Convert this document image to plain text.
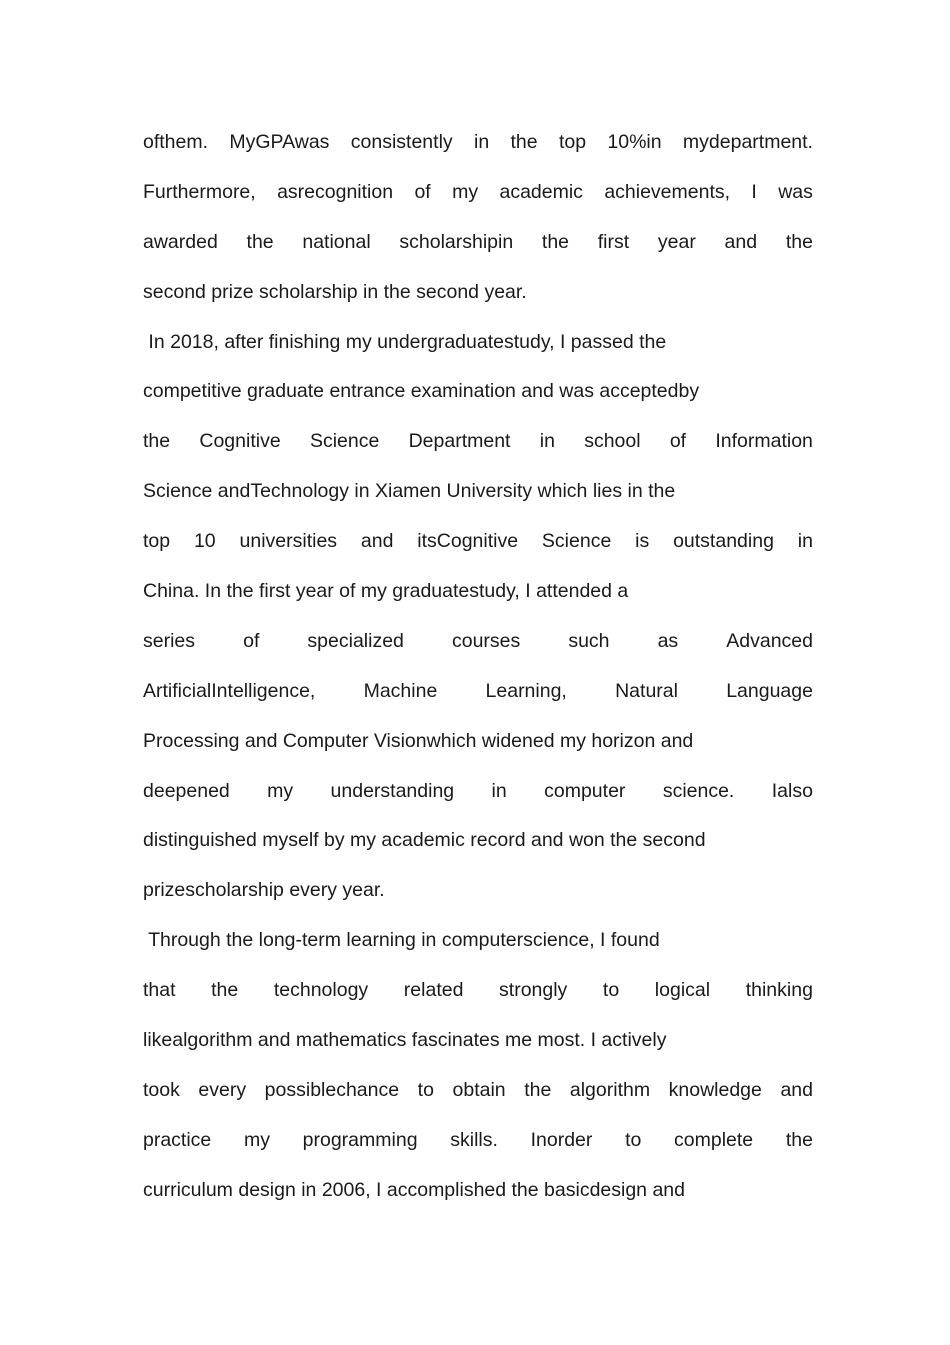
ofthem. MyGPAwas consistently in the top 10%in mydepartment.
Furthermore, asrecognition of my academic achievements, I was
awarded the national scholarshipin the first year and the
second prize scholarship in the second year.
In 2018, after finishing my undergraduatestudy, I passed the
competitive graduate entrance examination and was acceptedby
the Cognitive Science Department in school of Information
Science andTechnology in Xiamen University which lies in the
top 10 universities and itsCognitive Science is outstanding in
China. In the first year of my graduatestudy, I attended a
series of specialized courses such as Advanced
ArtificialIntelligence, Machine Learning, Natural Language
Processing and Computer Visionwhich widened my horizon and
deepened my understanding in computer science. Ialso
distinguished myself by my academic record and won the second
prizescholarship every year.
Through the long-term learning in computerscience, I found
that the technology related strongly to logical thinking
likealgorithm and mathematics fascinates me most. I actively
took every possiblechance to obtain the algorithm knowledge and
practice my programming skills. Inorder to complete the
curriculum design in 2006, I accomplished the basicdesign and
